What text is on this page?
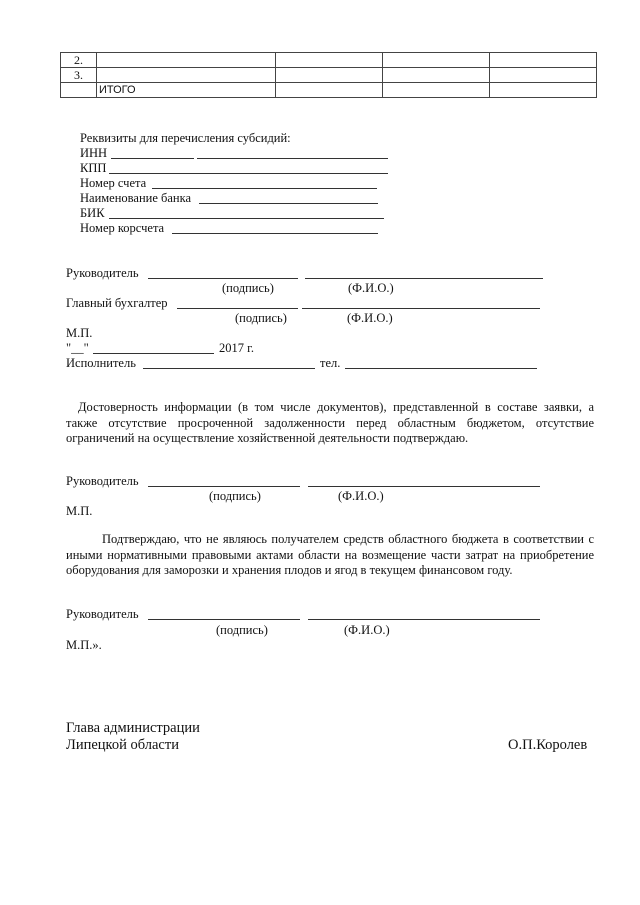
2.				
3.				
	ИТОГО			
Реквизиты для перечисления субсидий:
ИНН
КПП
Номер счета
Наименование банка
БИК
Номер корсчета
Руководитель
(подпись)	(Ф.И.О.)
Главный бухгалтер
(подпись)	(Ф.И.О.)
М.П.
"__"	2017 г.
Исполнитель	тел.
Достоверность информации (в том числе документов), представленной в составе заявки, а также отсутствие просроченной задолженности перед областным бюджетом, отсутствие ограничений на осуществление хозяйственной деятельности подтверждаю.
Руководитель
(подпись)	(Ф.И.О.)
М.П.
Подтверждаю, что не являюсь получателем средств областного бюджета в соответствии с иными нормативными правовыми актами области на возмещение части затрат на приобретение оборудования для заморозки и хранения плодов и ягод в текущем финансовом году.
Руководитель
(подпись)	(Ф.И.О.)
М.П.».
Глава администрации
Липецкой области	О.П.Королев
